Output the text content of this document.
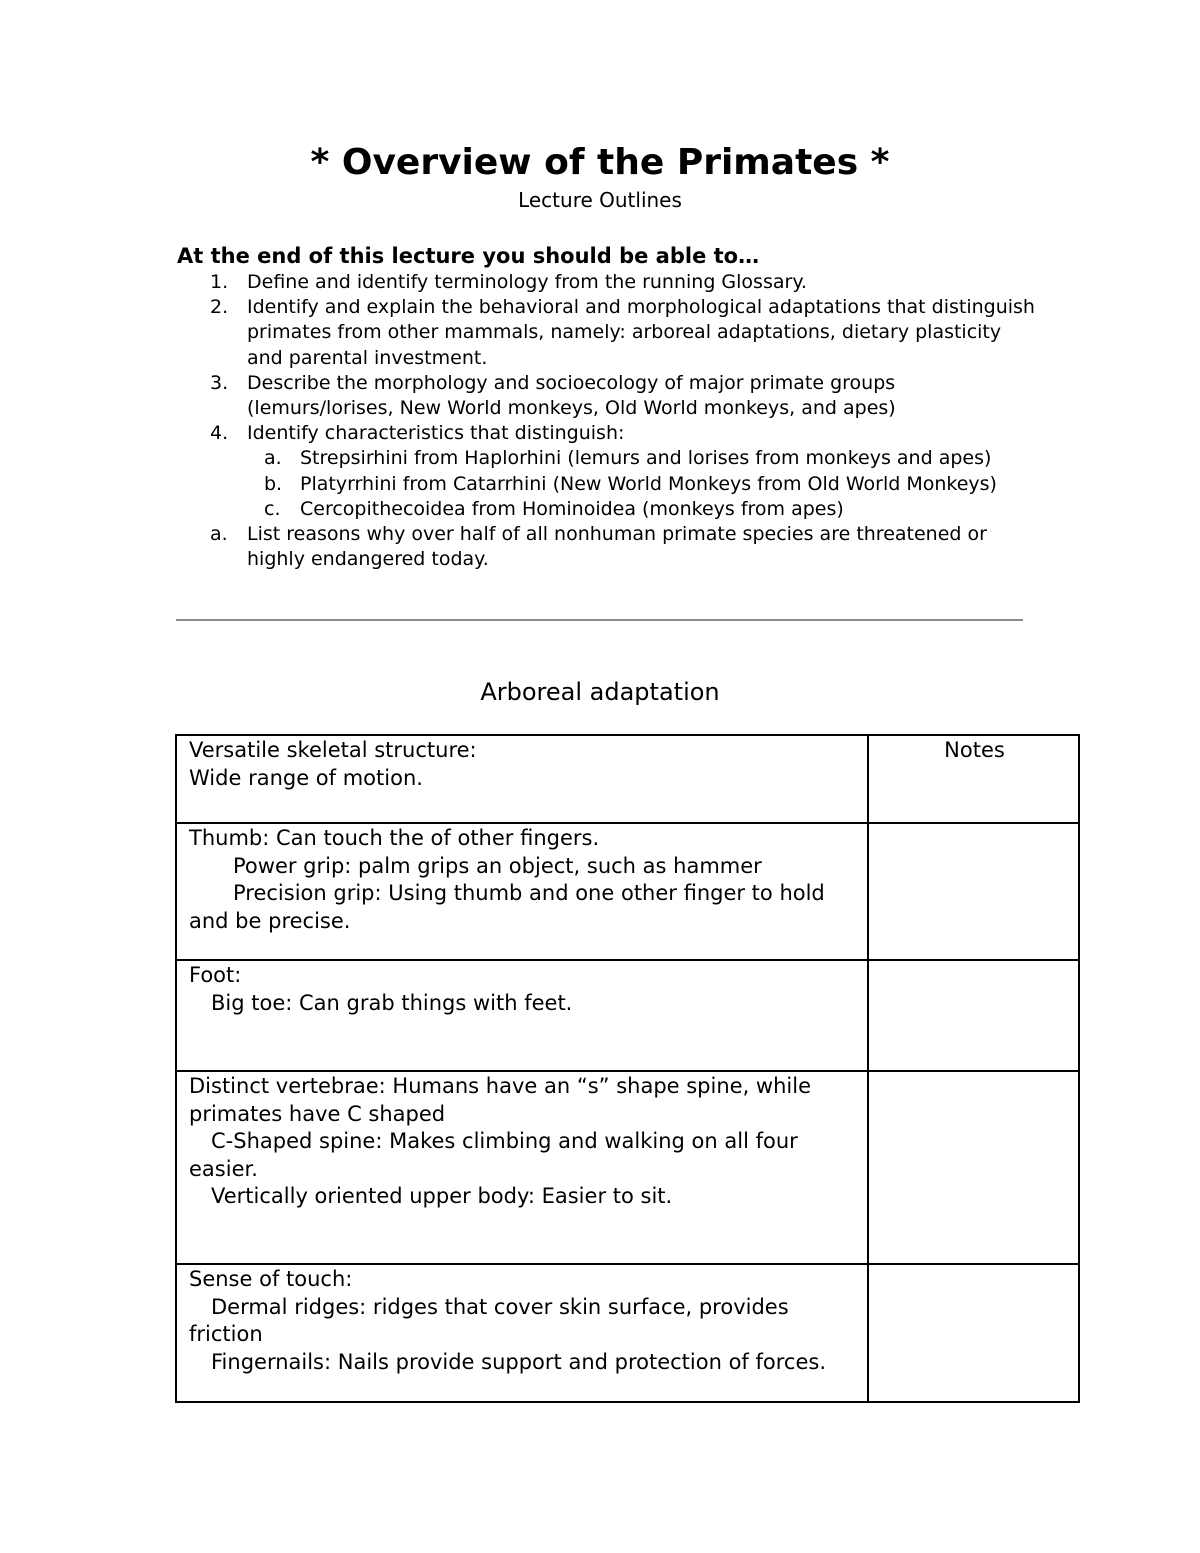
* Overview of the Primates *
Lecture Outlines
At the end of this lecture you should be able to…
1. Define and identify terminology from the running Glossary.
2. Identify and explain the behavioral and morphological adaptations that distinguish primates from other mammals, namely: arboreal adaptations, dietary plasticity and parental investment.
3. Describe the morphology and socioecology of major primate groups (lemurs/lorises, New World monkeys, Old World monkeys, and apes)
4. Identify characteristics that distinguish:
a. Strepsirhini from Haplorhini (lemurs and lorises from monkeys and apes)
b. Platyrrhini from Catarrhini (New World Monkeys from Old World Monkeys)
c. Cercopithecoidea from Hominoidea (monkeys from apes)
a.	List reasons why over half of all nonhuman primate species are threatened or highly endangered today.
Arboreal adaptation
Versatile skeletal structure:
Wide range of motion.	Notes

Thumb: Can touch the of other fingers.
Power grip: palm grips an object, such as hammer
Precision grip: Using thumb and one other finger to hold and be precise.	

Foot:
Big toe: Can grab things with feet.	

Distinct vertebrae: Humans have an “s” shape spine, while primates have C shaped
C-Shaped spine: Makes climbing and walking on all four easier.
Vertically oriented upper body: Easier to sit.	

Sense of touch:
Dermal ridges: ridges that cover skin surface, provides friction
Fingernails: Nails provide support and protection of forces.	
